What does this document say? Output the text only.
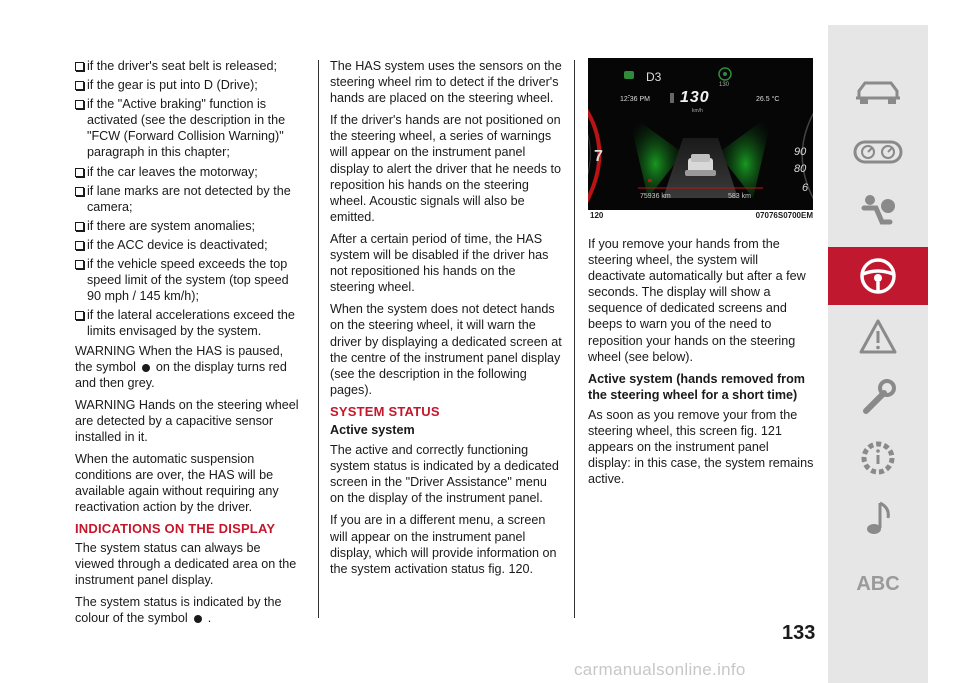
if the driver's seat belt is released;
if the gear is put into D (Drive);
if the "Active braking" function is activated (see the description in the "FCW (Forward Collision Warning)" paragraph in this chapter;
if the car leaves the motorway;
if lane marks are not detected by the camera;
if there are system anomalies;
if the ACC device is deactivated;
if the vehicle speed exceeds the top speed limit of the system (top speed 90 mph / 145 km/h);
if the lateral accelerations exceed the limits envisaged by the system.

WARNING When the HAS is paused, the symbol on the display turns red and then grey.

WARNING Hands on the steering wheel are detected by a capacitive sensor installed in it.

When the automatic suspension conditions are over, the HAS will be available again without requiring any reactivation action by the driver.

INDICATIONS ON THE DISPLAY

The system status can always be viewed through a dedicated area on the instrument panel display.

The system status is indicated by the colour of the symbol .

The HAS system uses the sensors on the steering wheel rim to detect if the driver's hands are placed on the steering wheel.

If the driver's hands are not positioned on the steering wheel, a series of warnings will appear on the instrument panel display to alert the driver that he needs to reposition his hands on the steering wheel. Acoustic signals will also be emitted.

After a certain period of time, the HAS system will be disabled if the driver has not repositioned his hands on the steering wheel.

When the system does not detect hands on the steering wheel, it will warn the driver by displaying a dedicated screen at the centre of the instrument panel display (see the description in the following pages).

SYSTEM STATUS
Active system

The active and correctly functioning system status is indicated by a dedicated screen in the "Driver Assistance" menu on the display of the instrument panel.

If you are in a different menu, a screen will appear on the instrument panel display, which will provide information on the system activation status fig. 120.

D3
130
12:36 PM 130
km/h
26.5 °C
75936 km	583 km
7	90
80
6
120	07076S0700EM

If you remove your hands from the steering wheel, the system will deactivate automatically but after a few seconds. The display will show a sequence of dedicated screens and beeps to warn you of the need to reposition your hands on the steering wheel (see below).

Active system (hands removed from the steering wheel for a short time)

As soon as you remove your from the steering wheel, this screen fig. 121 appears on the instrument panel display: in this case, the system remains active.

ABC
133
carmanualsonline.info
